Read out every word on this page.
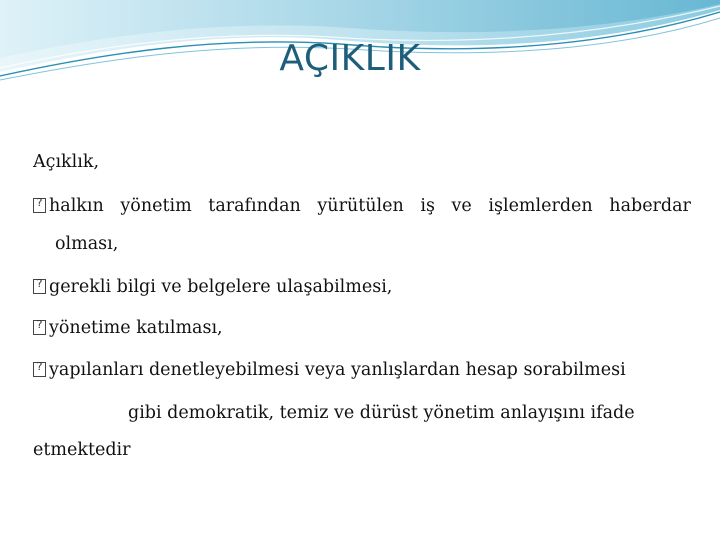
AÇIKLIK

Açıklık,

?halkın yönetim tarafından yürütülen iş ve işlemlerden haberdar

olması,

?gerekli bilgi ve belgelere ulaşabilmesi,
?yönetime katılması,
?yapılanları denetleyebilmesi veya yanlışlardan hesap sorabilmesi

gibi demokratik, temiz ve dürüst yönetim anlayışını ifade

etmektedir
